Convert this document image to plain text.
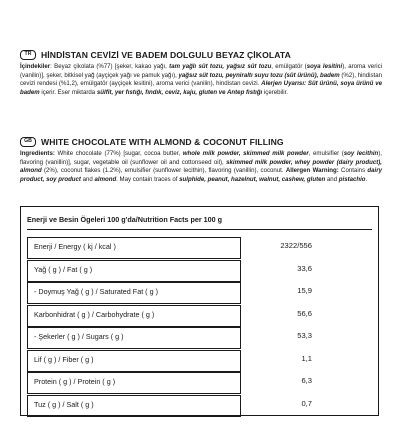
TR	HİNDİSTAN CEVİZİ VE BADEM DOLGULU BEYAZ ÇİKOLATA
İçindekiler: Beyaz çikolata (%77) [şeker, kakao yağı, tam yağlı süt tozu, yağsız süt tozu, emülgatör (soya lesitini), aroma verici (vanilin)], şeker, bitkisel yağ (ayçiçek yağı ve pamuk yağı), yağsız süt tozu, peyniraltı suyu tozu (süt ürünü), badem (%2), hindistan cevizi rendesi (%1,2), emülgatör (ayçiçek lesitini), aroma verici (vanilin), hindistan cevizi. Alerjen Uyarısı: Süt ürünü, soya ürünü ve badem içerir. Eser miktarda sülfit, yer fıstığı, fındık, ceviz, kaju, gluten ve Antep fıstığı içerebilir.
GB	WHITE CHOCOLATE WITH ALMOND & COCONUT FILLING
Ingredients: White chocolate (77%) [sugar, cocoa butter, whole milk powder, skimmed milk powder, emulsifier (soy lecithin), flavoring (vanillin)], sugar, vegetable oil (sunflower oil and cottonseed oil), skimmed milk powder, whey powder (dairy product), almond (2%), coconut flakes (1.2%), emulsifier (sunflower lecithin), flavoring (vanillin), coconut. Allergen Warning: Contains dairy product, soy product and almond. May contain traces of sulphide, peanut, hazelnut, walnut, cashew, gluten and pistachio.
Enerji ve Besin Ögeleri 100 g'da/Nutrition Facts per 100 g
Enerji / Energy ( kj / kcal )	2322/556
Yağ ( g ) / Fat ( g )	33,6
- Doymuş Yağ ( g ) / Saturated Fat ( g )	15,9
Karbonhidrat ( g ) / Carbohydrate ( g )	56,6
- Şekerler ( g ) / Sugars ( g )	53,3
Lif ( g ) / Fiber ( g )	1,1
Protein ( g ) / Protein ( g )	6,3
Tuz ( g ) / Salt ( g )	0,7
